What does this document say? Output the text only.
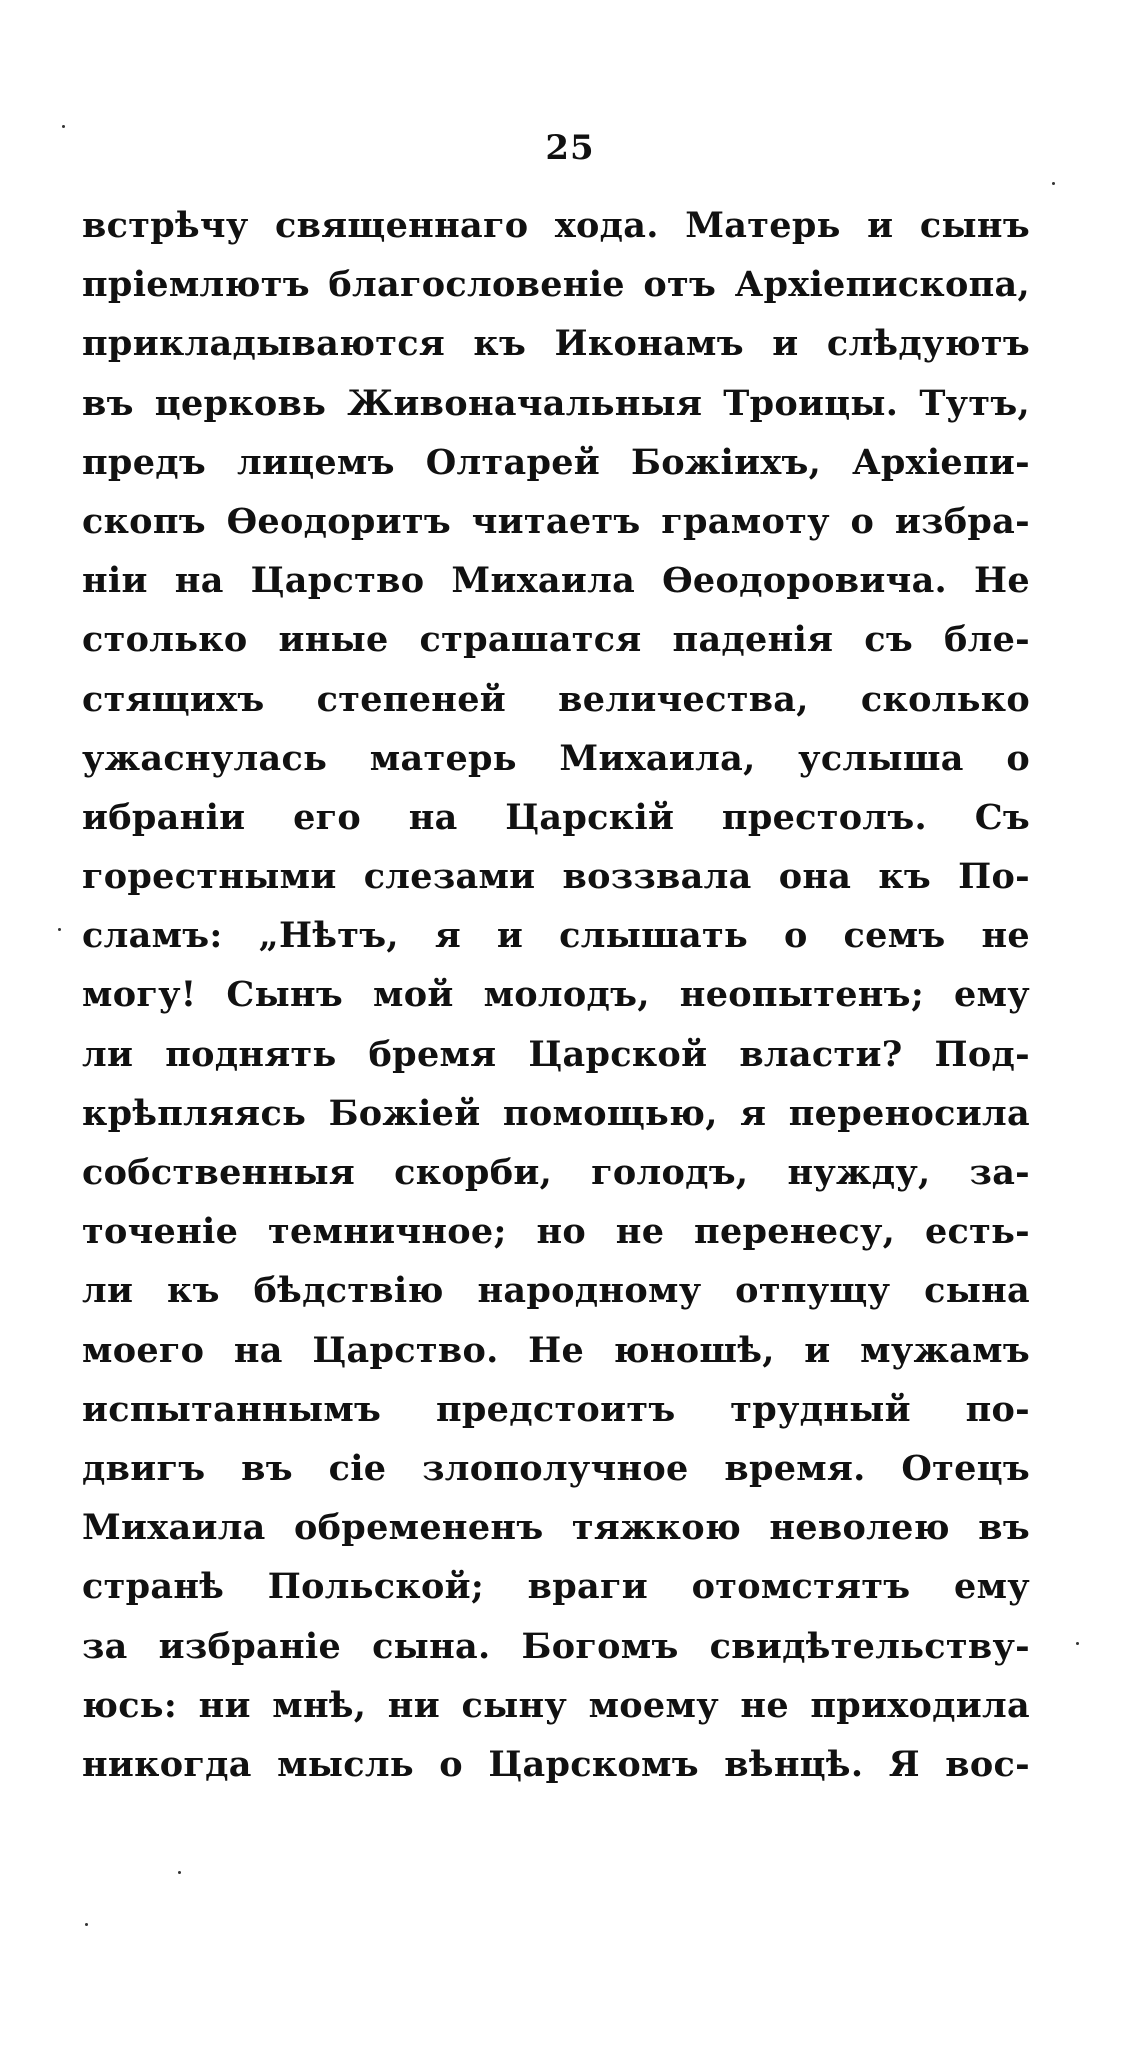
25
встрѣчу священнаго хода. Матерь и сынъ
пріемлютъ благословеніе отъ Архіепископа,
прикладываются къ Иконамъ и слѣдуютъ
въ церковь Живоначальныя Троицы. Тутъ,
предъ лицемъ Олтарей Божіихъ, Архіепи-
скопъ Ѳеодоритъ читаетъ грамоту о избра-
ніи на Царство Михаила Ѳеодоровича. Не
столько иные страшатся паденія съ бле-
стящихъ степеней величества, сколько
ужаснулась матерь Михаила, услыша о
ибраніи его на Царскій престолъ. Съ
горестными слезами воззвала она къ По-
сламъ: „Нѣтъ, я и слышать о семъ не
могу! Сынъ мой молодъ, неопытенъ; ему
ли поднять бремя Царской власти? Под-
крѣпляясь Божіей помощью, я переносила
собственныя скорби, голодъ, нужду, за-
точеніе темничное; но не перенесу, есть-
ли къ бѣдствію народному отпущу сына
моего на Царство. Не юношѣ, и мужамъ
испытаннымъ предстоитъ трудный по-
двигъ въ сіе злополучное время. Отецъ
Михаила обремененъ тяжкою неволею въ
странѣ Польской; враги отомстятъ ему
за избраніе сына. Богомъ свидѣтельству-
юсь: ни мнѣ, ни сыну моему не приходила
никогда мысль о Царскомъ вѣнцѣ. Я вос-
